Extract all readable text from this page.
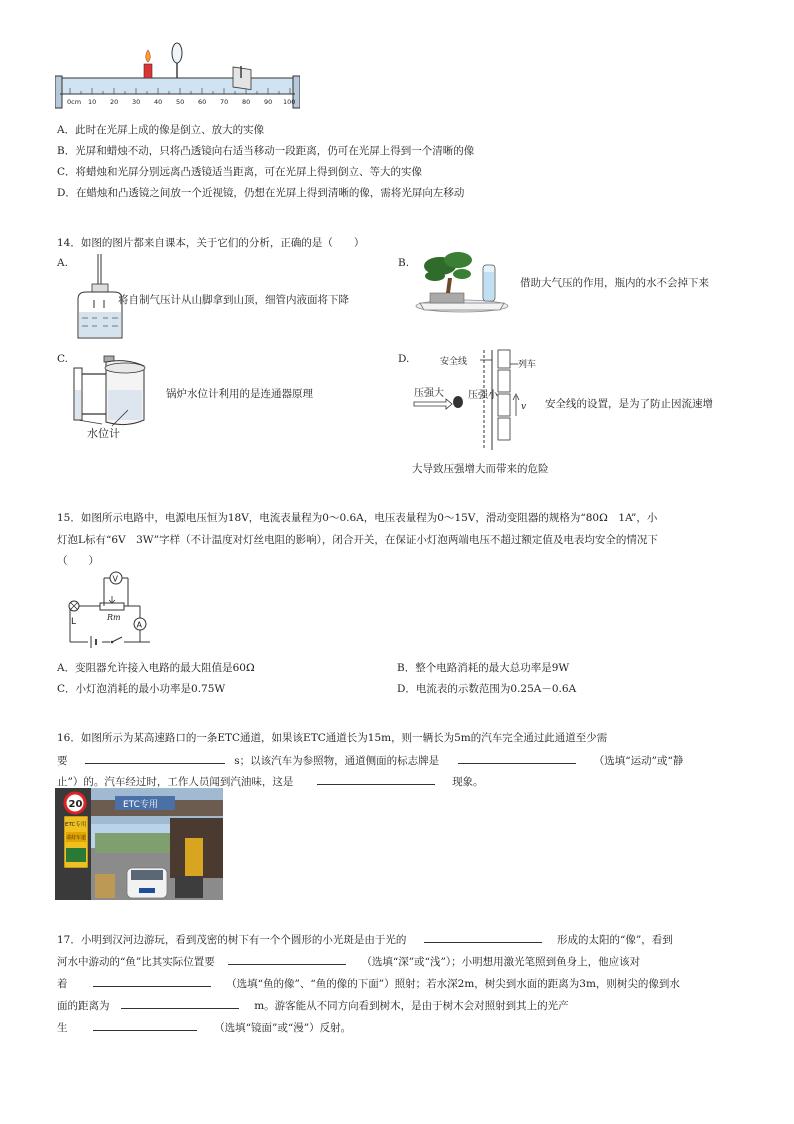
0cm 10 20 30 40 50 60 70 80 90 100
A．此时在光屏上成的像是倒立、放大的实像
B．光屏和蜡烛不动，只将凸透镜向右适当移动一段距离，仍可在光屏上得到一个清晰的像
C．将蜡烛和光屏分别远离凸透镜适当距离，可在光屏上得到倒立、等大的实像
D．在蜡烛和凸透镜之间放一个近视镜，仍想在光屏上得到清晰的像，需将光屏向左移动
14．如图的图片都来自课本，关于它们的分析，正确的是（　　）
A.
将自制气压计从山脚拿到山顶，细管内液面将下降
B.
借助大气压的作用，瓶内的水不会掉下来
C.
水位计
锅炉水位计利用的是连通器原理
D.	安全线	列车
压强大 压强小
v 安全线的设置，是为了防止因流速增
大导致压强增大而带来的危险
15．如图所示电路中，电源电压恒为18V，电流表量程为0～0.6A，电压表量程为0～15V，滑动变阻器的规格为“80Ω　1A”，小
灯泡L标有“6V　3W”字样（不计温度对灯丝电阻的影响），闭合开关，在保证小灯泡两端电压不超过额定值及电表均安全的情况下
（　　）
L	A
V
Rm
A．变阻器允许接入电路的最大阻值是60Ω	B．整个电路消耗的最大总功率是9W
C．小灯泡消耗的最小功率是0.75W	D．电流表的示数范围为0.25A－0.6A
16．如图所示为某高速路口的一条ETC通道，如果该ETC通道长为15m，则一辆长为5m的汽车完全通过此通道至少需
要	s；以该汽车为参照物，通道侧面的标志牌是	（选填“运动”或“静
止”）的。汽车经过时，工作人员闻到汽油味，这是	现象。
ETC专用
20
ETC专用
请持车道
17．小明到汉河边游玩，看到茂密的树下有一个个圆形的小光斑是由于光的	形成的太阳的“像”，看到
河水中游动的“鱼”比其实际位置要	（选填“深”或“浅”）；小明想用激光笔照到鱼身上，他应该对
着	（选填“鱼的像”、“鱼的像的下面”）照射；若水深2m，树尖到水面的距离为3m，则树尖的像到水
面的距离为	m。游客能从不同方向看到树木，是由于树木会对照射到其上的光产
生	（选填“镜面”或“漫”）反射。
